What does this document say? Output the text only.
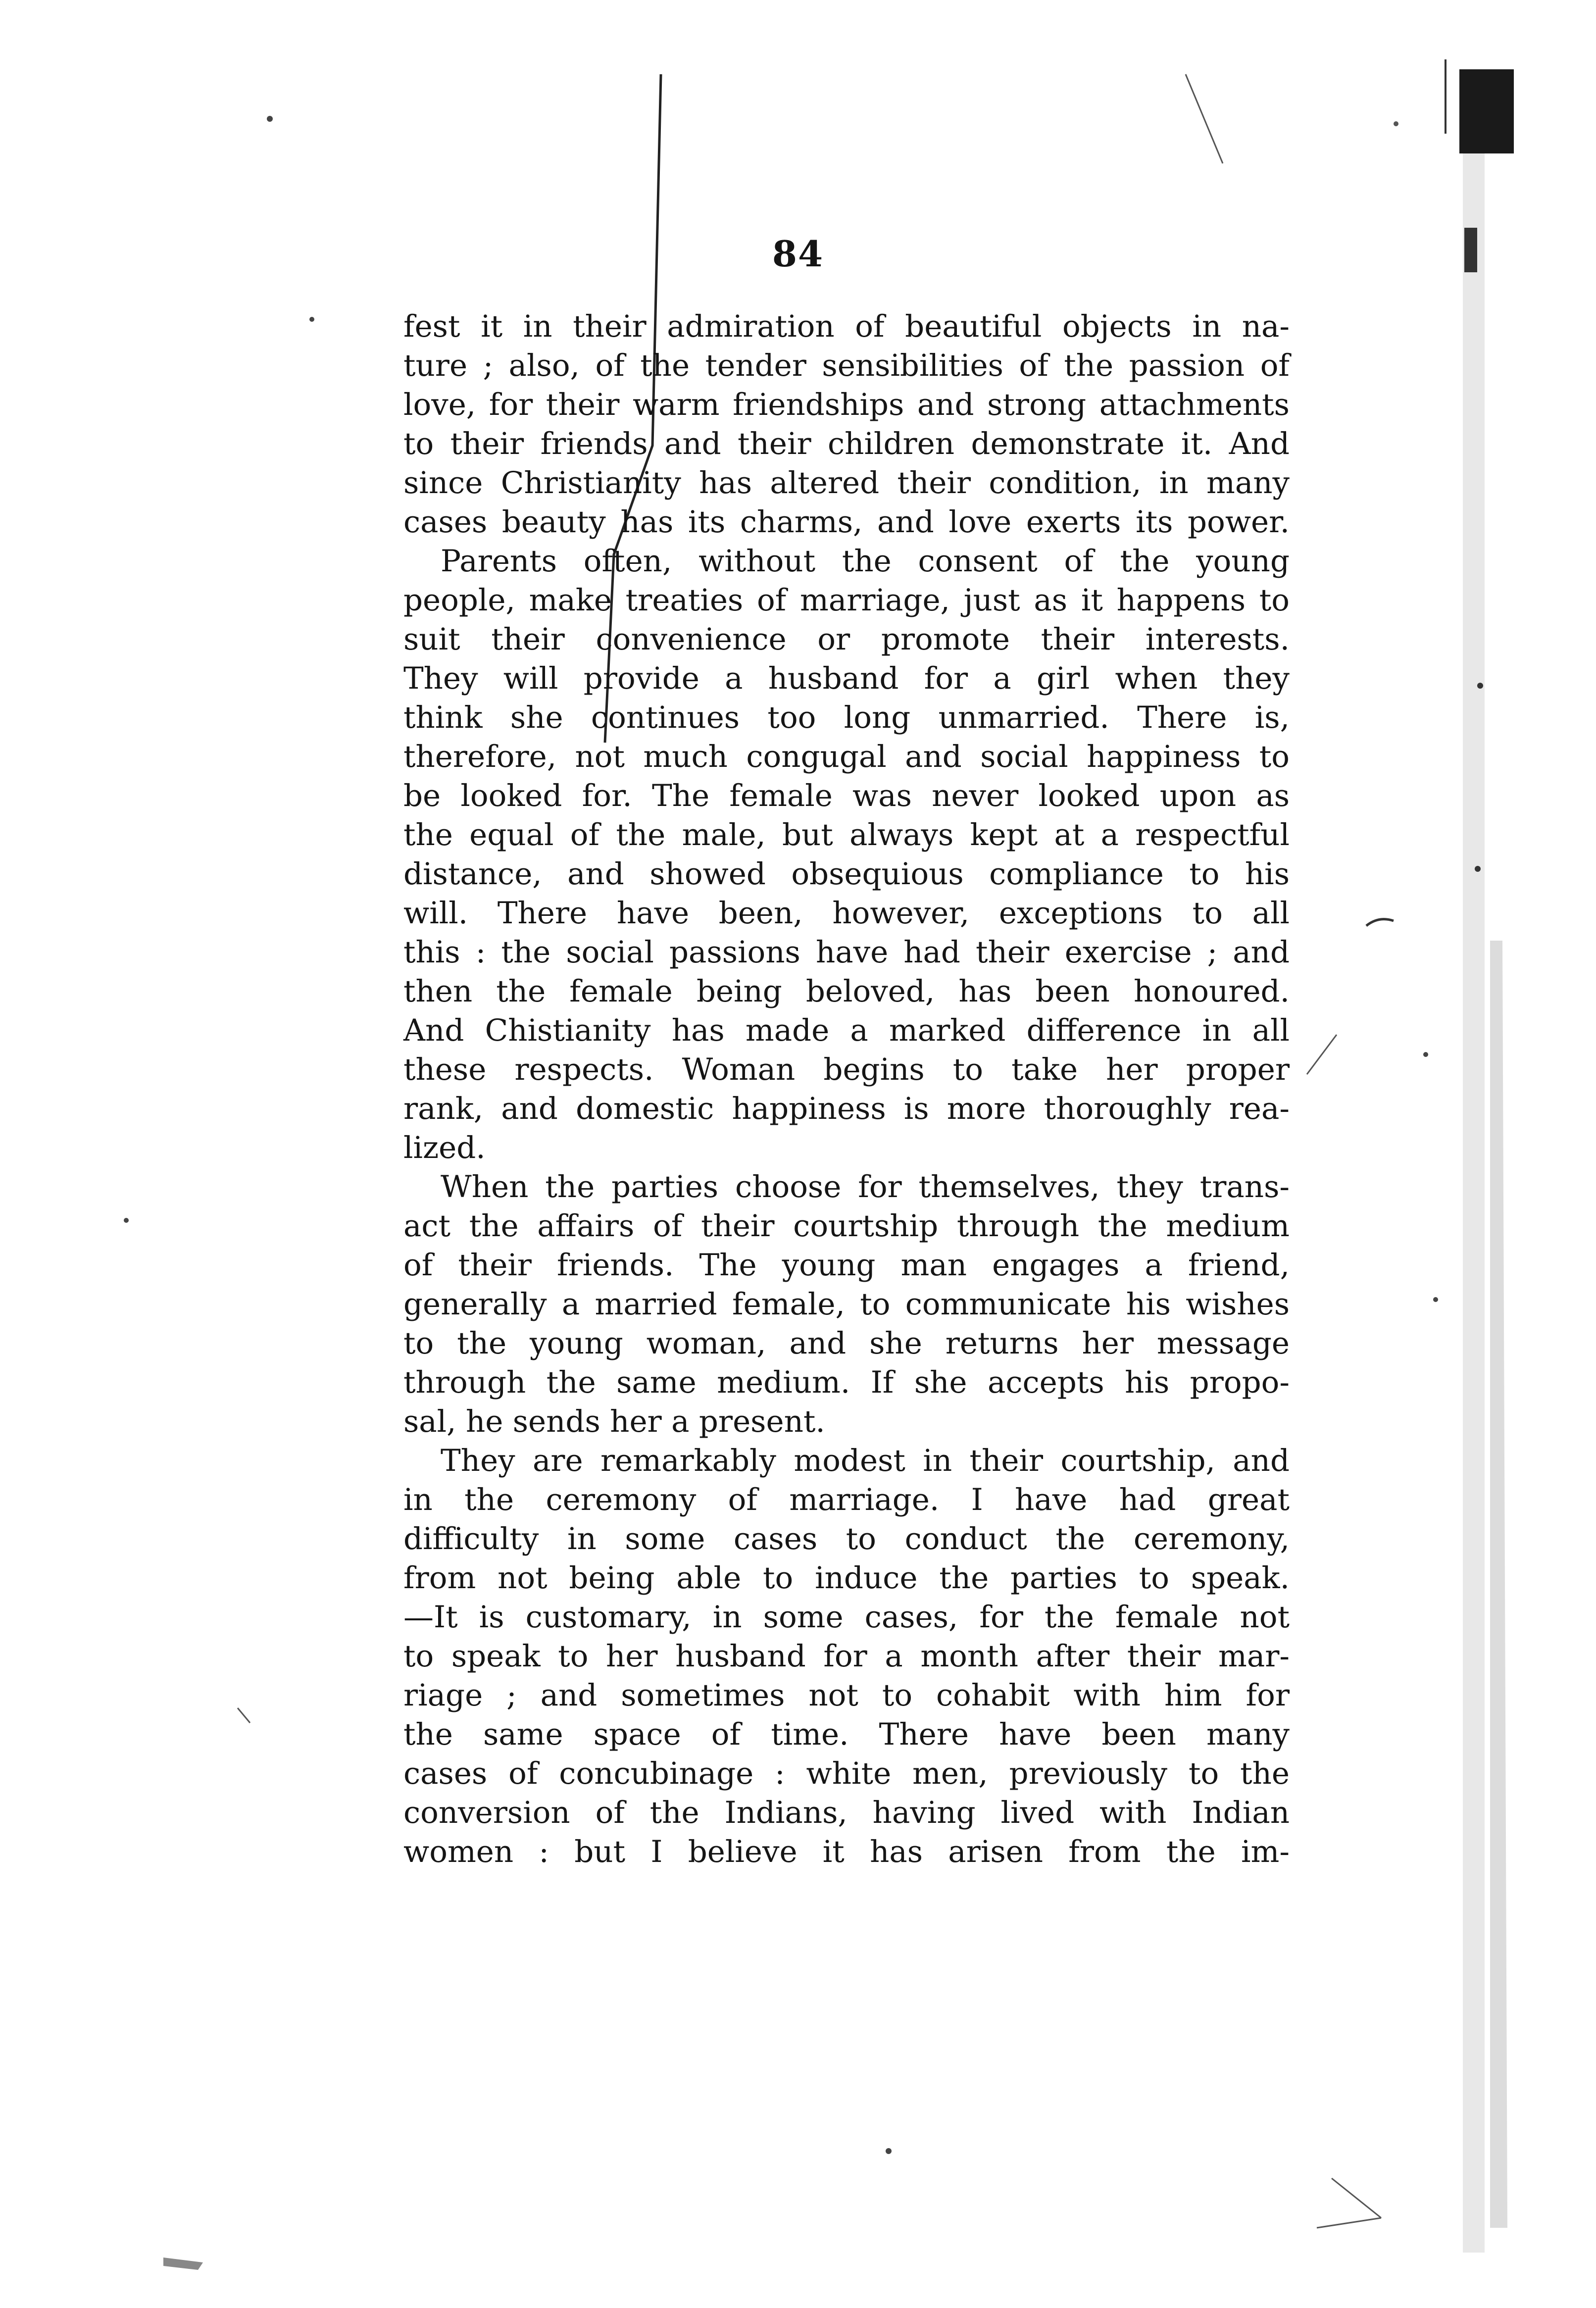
84
fest it in their admiration of beautiful objects in na-
ture ; also, of the tender sensibilities of the passion of
love, for their warm friendships and strong attachments
to their friends and their children demonstrate it. And
since Christianity has altered their condition, in many
cases beauty has its charms, and love exerts its power.
Parents often, without the consent of the young
people, make treaties of marriage, just as it happens to
suit their convenience or promote their interests.
They will provide a husband for a girl when they
think she continues too long unmarried. There is,
therefore, not much congugal and social happiness to
be looked for. The female was never looked upon as
the equal of the male, but always kept at a respectful
distance, and showed obsequious compliance to his
will. There have been, however, exceptions to all
this : the social passions have had their exercise ; and
then the female being beloved, has been honoured.
And Chistianity has made a marked difference in all
these respects. Woman begins to take her proper
rank, and domestic happiness is more thoroughly rea-
lized.
When the parties choose for themselves, they trans-
act the affairs of their courtship through the medium
of their friends. The young man engages a friend,
generally a married female, to communicate his wishes
to the young woman, and she returns her message
through the same medium. If she accepts his propo-
sal, he sends her a present.
They are remarkably modest in their courtship, and
in the ceremony of marriage. I have had great
difficulty in some cases to conduct the ceremony,
from not being able to induce the parties to speak.
—It is customary, in some cases, for the female not
to speak to her husband for a month after their mar-
riage ; and sometimes not to cohabit with him for
the same space of time. There have been many
cases of concubinage : white men, previously to the
conversion of the Indians, having lived with Indian
women : but I believe it has arisen from the im-
